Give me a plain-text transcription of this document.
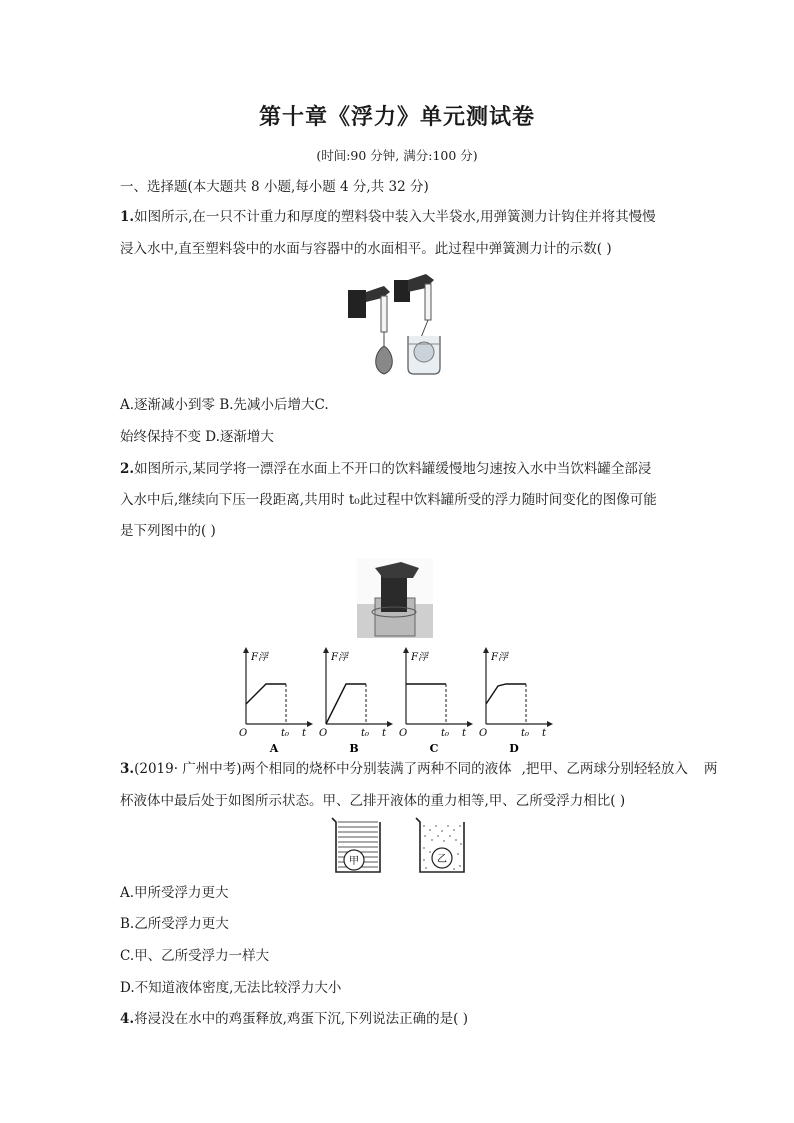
第十章《浮力》单元测试卷
(时间:90 分钟, 满分:100 分)
一、选择题(本大题共 8 小题,每小题 4 分,共 32 分)
1.如图所示,在一只不计重力和厚度的塑料袋中装入大半袋水,用弹簧测力计钩住并将其慢慢
浸入水中,直至塑料袋中的水面与容器中的水面相平。此过程中弹簧测力计的示数( )
A.逐渐减小到零 B.先减小后增大C.
始终保持不变 D.逐渐增大
2.如图所示,某同学将一漂浮在水面上不开口的饮料罐缓慢地匀速按入水中当饮料罐全部浸
入水中后,继续向下压一段距离,共用时 t₀此过程中饮料罐所受的浮力随时间变化的图像可能
是下列图中的( )
F浮
O	t₀ t
A
F浮
O	t₀ t
B
F浮
O	t₀ t
C
F浮
O	t₀ t
D
3.(2019· 广州中考)两个相同的烧杯中分别装满了两种不同的液体 ,把甲、乙两球分别轻轻放入 两
杯液体中最后处于如图所示状态。甲、乙排开液体的重力相等,甲、乙所受浮力相比( )
甲	乙
A.甲所受浮力更大
B.乙所受浮力更大
C.甲、乙所受浮力一样大
D.不知道液体密度,无法比较浮力大小
4.将浸没在水中的鸡蛋释放,鸡蛋下沉,下列说法正确的是( )
